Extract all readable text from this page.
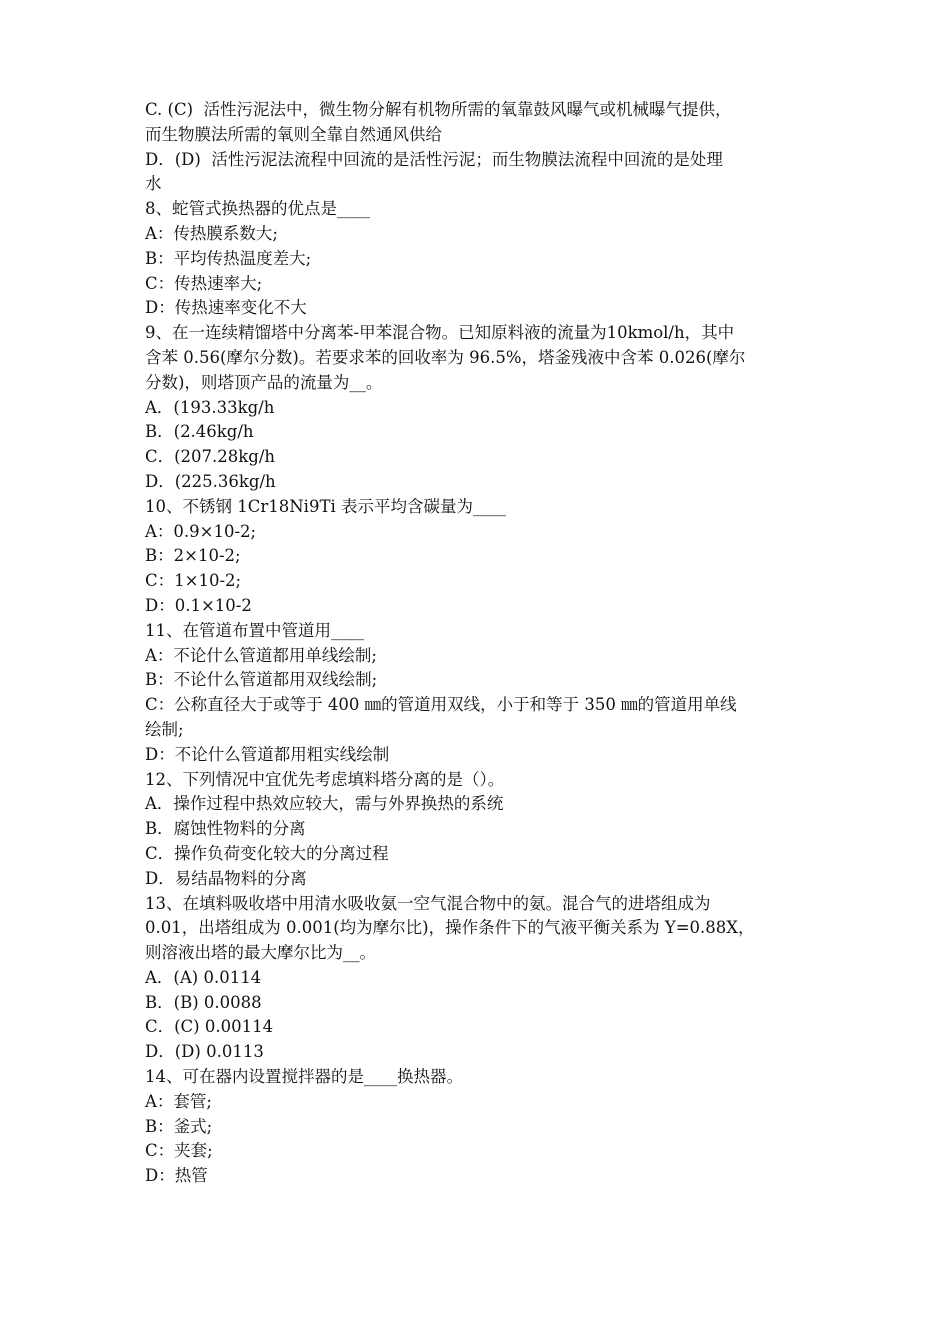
C. (C)  活性污泥法中，微生物分解有机物所需的氧靠鼓风曝气或机械曝气提供，

而生物膜法所需的氧则全靠自然通风供给

D．(D)  活性污泥法流程中回流的是活性污泥；而生物膜法流程中回流的是处理

水

8、蛇管式换热器的优点是____

A：传热膜系数大;

B：平均传热温度差大;

C：传热速率大;

D：传热速率变化不大

9、在一连续精馏塔中分离苯-甲苯混合物。已知原料液的流量为10kmol/h，其中

含苯 0.56(摩尔分数)。若要求苯的回收率为 96.5%，塔釜残液中含苯 0.026(摩尔

分数)，则塔顶产品的流量为__。

A．(193.33kg/h

B．(2.46kg/h

C．(207.28kg/h

D．(225.36kg/h

10、不锈钢 1Cr18Ni9Ti 表示平均含碳量为____

A：0.9×10-2;

B：2×10-2;

C：1×10-2;

D：0.1×10-2

11、在管道布置中管道用____

A：不论什么管道都用单线绘制;

B：不论什么管道都用双线绘制;

C：公称直径大于或等于 400 ㎜的管道用双线，小于和等于 350 ㎜的管道用单线

绘制;

D：不论什么管道都用粗实线绘制

12、下列情况中宜优先考虑填料塔分离的是（）。

A．操作过程中热效应较大，需与外界换热的系统

B．腐蚀性物料的分离

C．操作负荷变化较大的分离过程

D．易结晶物料的分离

13、在填料吸收塔中用清水吸收氨一空气混合物中的氨。混合气的进塔组成为

0.01，出塔组成为 0.001(均为摩尔比)，操作条件下的气液平衡关系为 Y=0.88X，

则溶液出塔的最大摩尔比为__。

A．(A) 0.0114

B．(B) 0.0088

C．(C) 0.00114

D．(D) 0.0113

14、可在器内设置搅拌器的是____换热器。

A：套管;

B：釜式;

C：夹套;

D：热管
